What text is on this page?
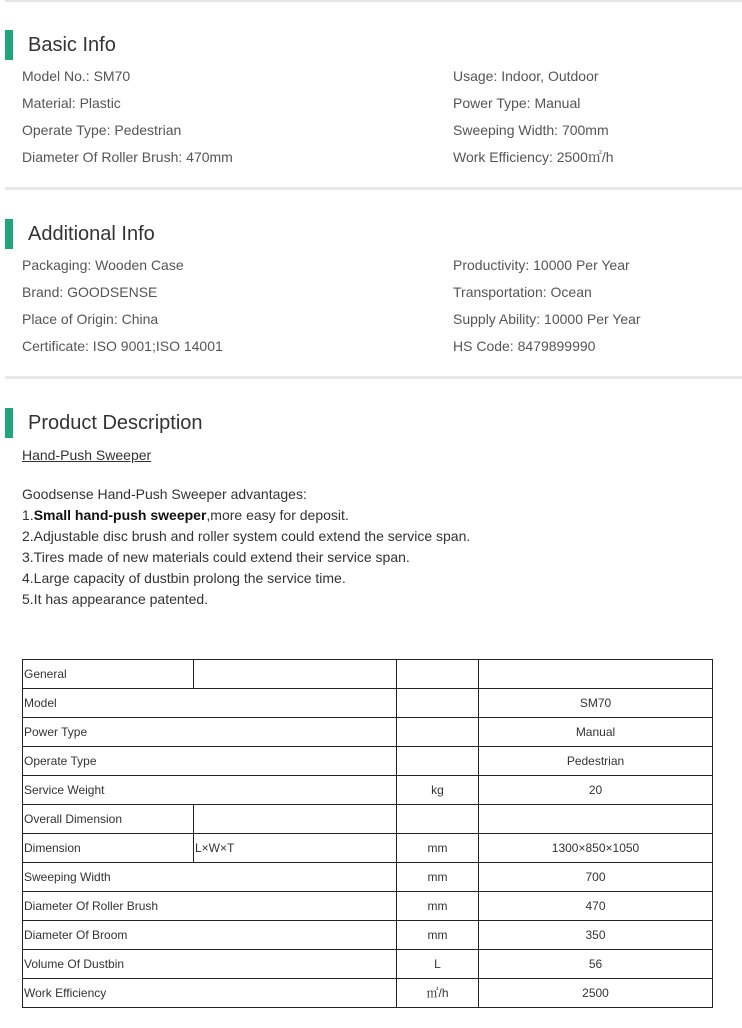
Basic Info
Model No.: SM70
Material: Plastic
Operate Type: Pedestrian
Diameter Of Roller Brush: 470mm
Usage: Indoor, Outdoor
Power Type: Manual
Sweeping Width: 700mm
Work Efficiency: 2500㎡/h
Additional Info
Packaging: Wooden Case
Brand: GOODSENSE
Place of Origin: China
Certificate: ISO 9001;ISO 14001
Productivity: 10000 Per Year
Transportation: Ocean
Supply Ability: 10000 Per Year
HS Code: 8479899990
Product Description
Hand-Push Sweeper
Goodsense Hand-Push Sweeper advantages:
1.Small hand-push sweeper,more easy for deposit.
2.Adjustable disc brush and roller system could extend the service span.
3.Tires made of new materials could extend their service span.
4.Large capacity of dustbin prolong the service time.
5.It has appearance patented.
General			
Model			SM70
Power Type			Manual
Operate Type			Pedestrian
Service Weight		kg	20
Overall Dimension			
Dimension	L×W×T	mm	1300×850×1050
Sweeping Width		mm	700
Diameter Of Roller Brush		mm	470
Diameter Of Broom		mm	350
Volume Of Dustbin		L	56
Work Efficiency		㎡/h	2500
